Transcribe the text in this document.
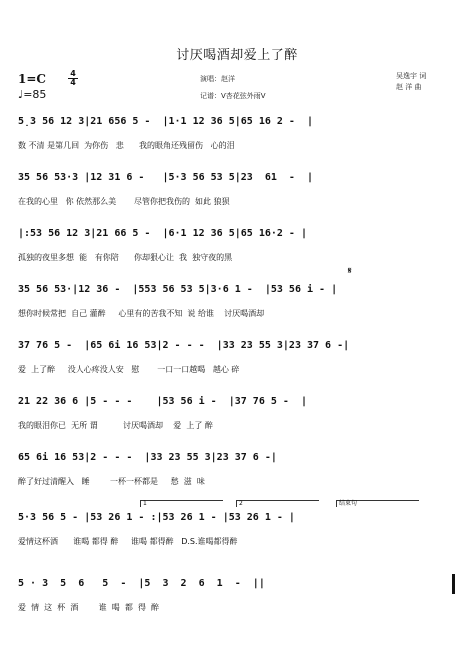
讨厌喝酒却爱上了醉
1=C	$\frac{4}{4}$
♩=85
演唱：赵洋
记谱：V杏花弦外雨V
吴逸宇 词
赵 洋 曲
5̣3 56 12 3|21 656 5 -  |1·1 12 36 5|65 16 2 -  |
数 不清 是第几回  为你伤   悲      我的眼角还残留伤   心的泪
35 56 53·3 |12 31 6 -   |5·3 56 53 5|23  61  -  |
在我的心里   你 依然那么美       尽管你把我伤的  如此 狼狈
|:53 56 12 3|21 66 5 -  |6·1 12 36 5|65 16·2 - |
孤独的夜里多想  能   有你陪      你却狠心让  我  独守夜的黑
𝄋
35 56 53·|12 36 -  |553 56 53 5|3·6 1 -  |53 56 i - |
想你时候常把  自己 灌醉     心里有的苦我不知  说 给谁    讨厌喝酒却
37 76 5 -  |65 6i 16 53|2 - - -  |33 23 55 3|23 37 6 -|
爱  上了醉     没人心疼没人安   慰       一口一口越喝   越心 碎
21 22 36 6 |5 - - -    |53 56 i -  |37 76 5 -  |
我的眼泪你已  无所 谓          讨厌喝酒却    爱  上了 醉
65 6i 16 53|2 - - -  |33 23 55 3|23 37 6 -|
醉了好过清醒入   睡        一杯一杯都是     愁  滋  味
1	2	结束句
5·3 56 5 - |53 26 1 - :|53 26 1 - |53 26 1 - |
爱情这杯酒      谁喝 都得 醉     谁喝 都得醉   D.S.谁喝都得醉
5 · 3  5  6   5  -  |5  3  2  6  1  -  ||
爱  情  这  杯  酒        谁  喝  都  得  醉
